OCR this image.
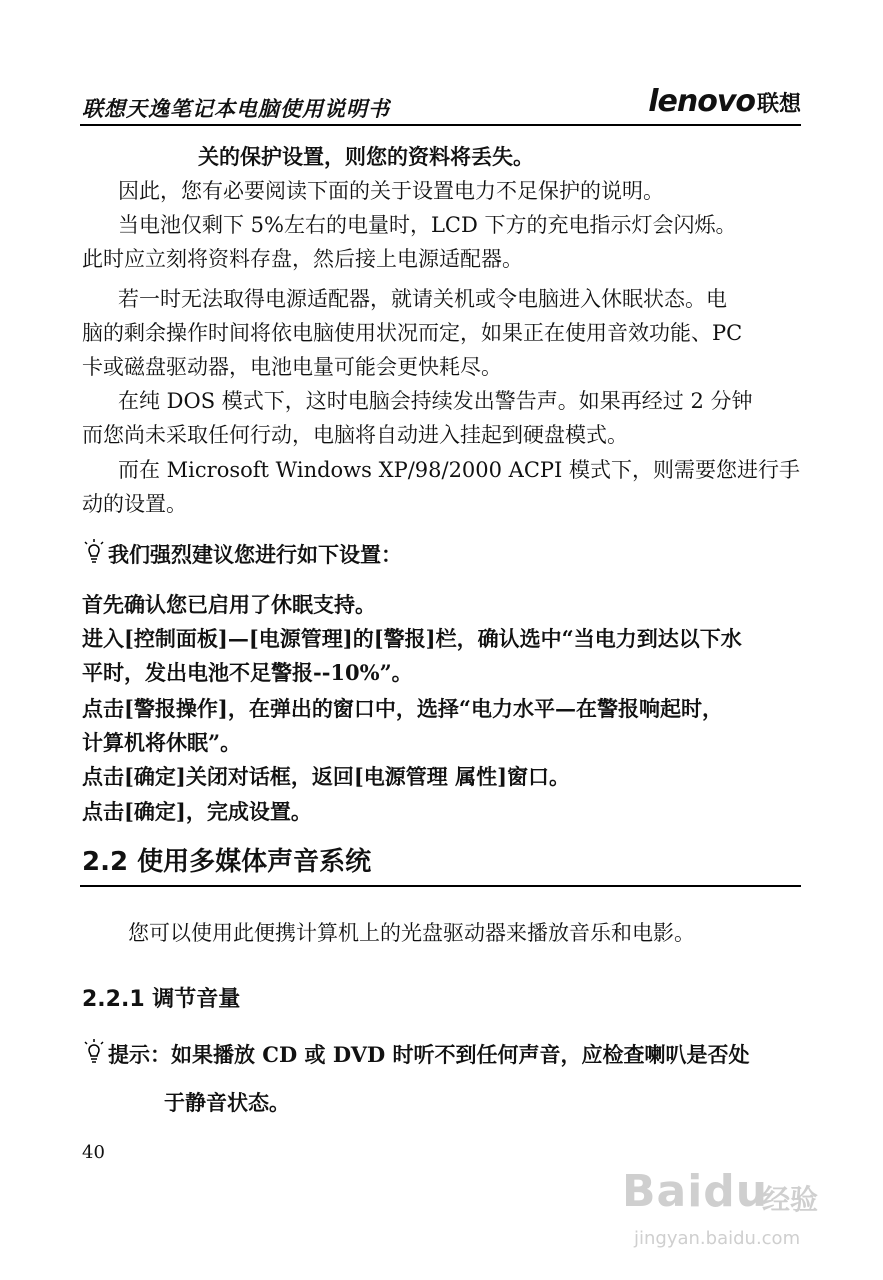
联想天逸笔记本电脑使用说明书	lenovo 联想
关的保护设置，则您的资料将丢失。
因此，您有必要阅读下面的关于设置电力不足保护的说明。
当电池仅剩下 5%左右的电量时，LCD 下方的充电指示灯会闪烁。
此时应立刻将资料存盘，然后接上电源适配器。
若一时无法取得电源适配器，就请关机或令电脑进入休眠状态。电
脑的剩余操作时间将依电脑使用状况而定，如果正在使用音效功能、PC
卡或磁盘驱动器，电池电量可能会更快耗尽。
在纯 DOS 模式下，这时电脑会持续发出警告声。如果再经过 2 分钟
而您尚未采取任何行动，电脑将自动进入挂起到硬盘模式。
而在 Microsoft Windows XP/98/2000 ACPI 模式下，则需要您进行手
动的设置。
我们强烈建议您进行如下设置：
首先确认您已启用了休眠支持。
进入[控制面板]—[电源管理]的[警报]栏，确认选中“当电力到达以下水
平时，发出电池不足警报--10%”。
点击[警报操作]，在弹出的窗口中，选择“电力水平—在警报响起时，
计算机将休眠”。
点击[确定]关闭对话框，返回[电源管理 属性]窗口。
点击[确定]，完成设置。
2.2 使用多媒体声音系统
您可以使用此便携计算机上的光盘驱动器来播放音乐和电影。
2.2.1 调节音量
提示：如果播放 CD 或 DVD 时听不到任何声音，应检查喇叭是否处
于静音状态。
40
Baidu
经验
jingyan.baidu.com
